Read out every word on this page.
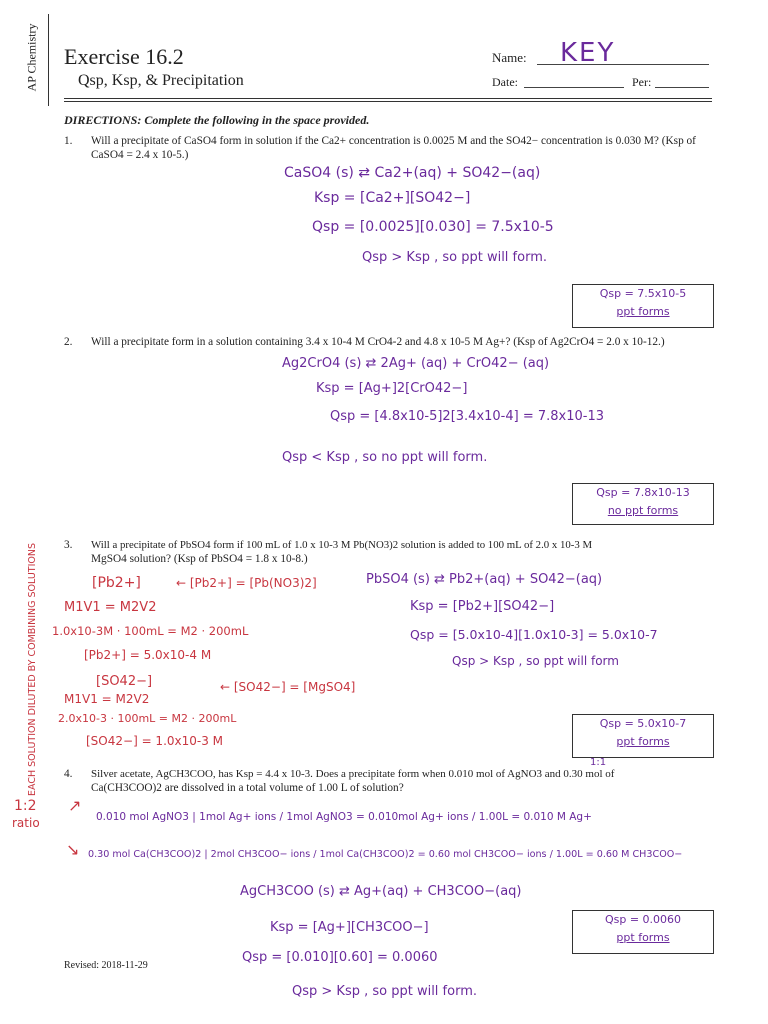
AP Chemistry Exercise 16.2
Qsp, Ksp, & Precipitation
Name: KEY
Date:	Per:
DIRECTIONS: Complete the following in the space provided.
1. Will a precipitate of CaSO4 form in solution if the Ca2+ concentration is 0.0025 M and the SO42− concentration is 0.030 M? (Ksp of CaSO4 = 2.4 x 10-5.)
CaSO4 (s) ⇄ Ca2+(aq) + SO42−(aq)
Ksp = [Ca2+][SO42−]
Qsp = [0.0025][0.030] = 7.5x10-5
Qsp > Ksp , so ppt will form.
Qsp = 7.5x10-5
ppt forms
2. Will a precipitate form in a solution containing 3.4 x 10-4 M CrO4-2 and 4.8 x 10-5 M Ag+? (Ksp of Ag2CrO4 = 2.0 x 10-12.)
Ag2CrO4 (s) ⇄ 2Ag+ (aq) + CrO42− (aq)
Ksp = [Ag+]2[CrO42−]
Qsp = [4.8x10-5]2[3.4x10-4] = 7.8x10-13
Qsp < Ksp , so no ppt will form.
Qsp = 7.8x10-13
no ppt forms
3. Will a precipitate of PbSO4 form if 100 mL of 1.0 x 10-3 M Pb(NO3)2 solution is added to 100 mL of 2.0 x 10-3 M
MgSO4 solution? (Ksp of PbSO4 = 1.8 x 10-8.)
EACH SOLUTION DILUTED BY COMBINING SOLUTIONS	[Pb2+]	← [Pb2+] = [Pb(NO3)2]
M1V1 = M2V2
1.0x10-3M · 100mL = M2 · 200mL
[Pb2+] = 5.0x10-4 M
[SO42−]	← [SO42−] = [MgSO4]
M1V1 = M2V2
2.0x10-3 · 100mL = M2 · 200mL
[SO42−] = 1.0x10-3 M
PbSO4 (s) ⇄ Pb2+(aq) + SO42−(aq)
Ksp = [Pb2+][SO42−]
Qsp = [5.0x10-4][1.0x10-3] = 5.0x10-7
Qsp > Ksp , so ppt will form
Qsp = 5.0x10-7
ppt forms
1:1
4. Silver acetate, AgCH3COO, has Ksp = 4.4 x 10-3. Does a precipitate form when 0.010 mol of AgNO3 and 0.30 mol of
Ca(CH3COO)2 are dissolved in a total volume of 1.00 L of solution?
1:2
ratio
↗
↘
0.010 mol AgNO3 | 1mol Ag+ ions / 1mol AgNO3 = 0.010mol Ag+ ions / 1.00L = 0.010 M Ag+
0.30 mol Ca(CH3COO)2 | 2mol CH3COO− ions / 1mol Ca(CH3COO)2 = 0.60 mol CH3COO− ions / 1.00L = 0.60 M CH3COO−
AgCH3COO (s) ⇄ Ag+(aq) + CH3COO−(aq)
Ksp = [Ag+][CH3COO−]
Qsp = [0.010][0.60] = 0.0060
Qsp > Ksp , so ppt will form.
Qsp = 0.0060
ppt forms
Revised: 2018-11-29
